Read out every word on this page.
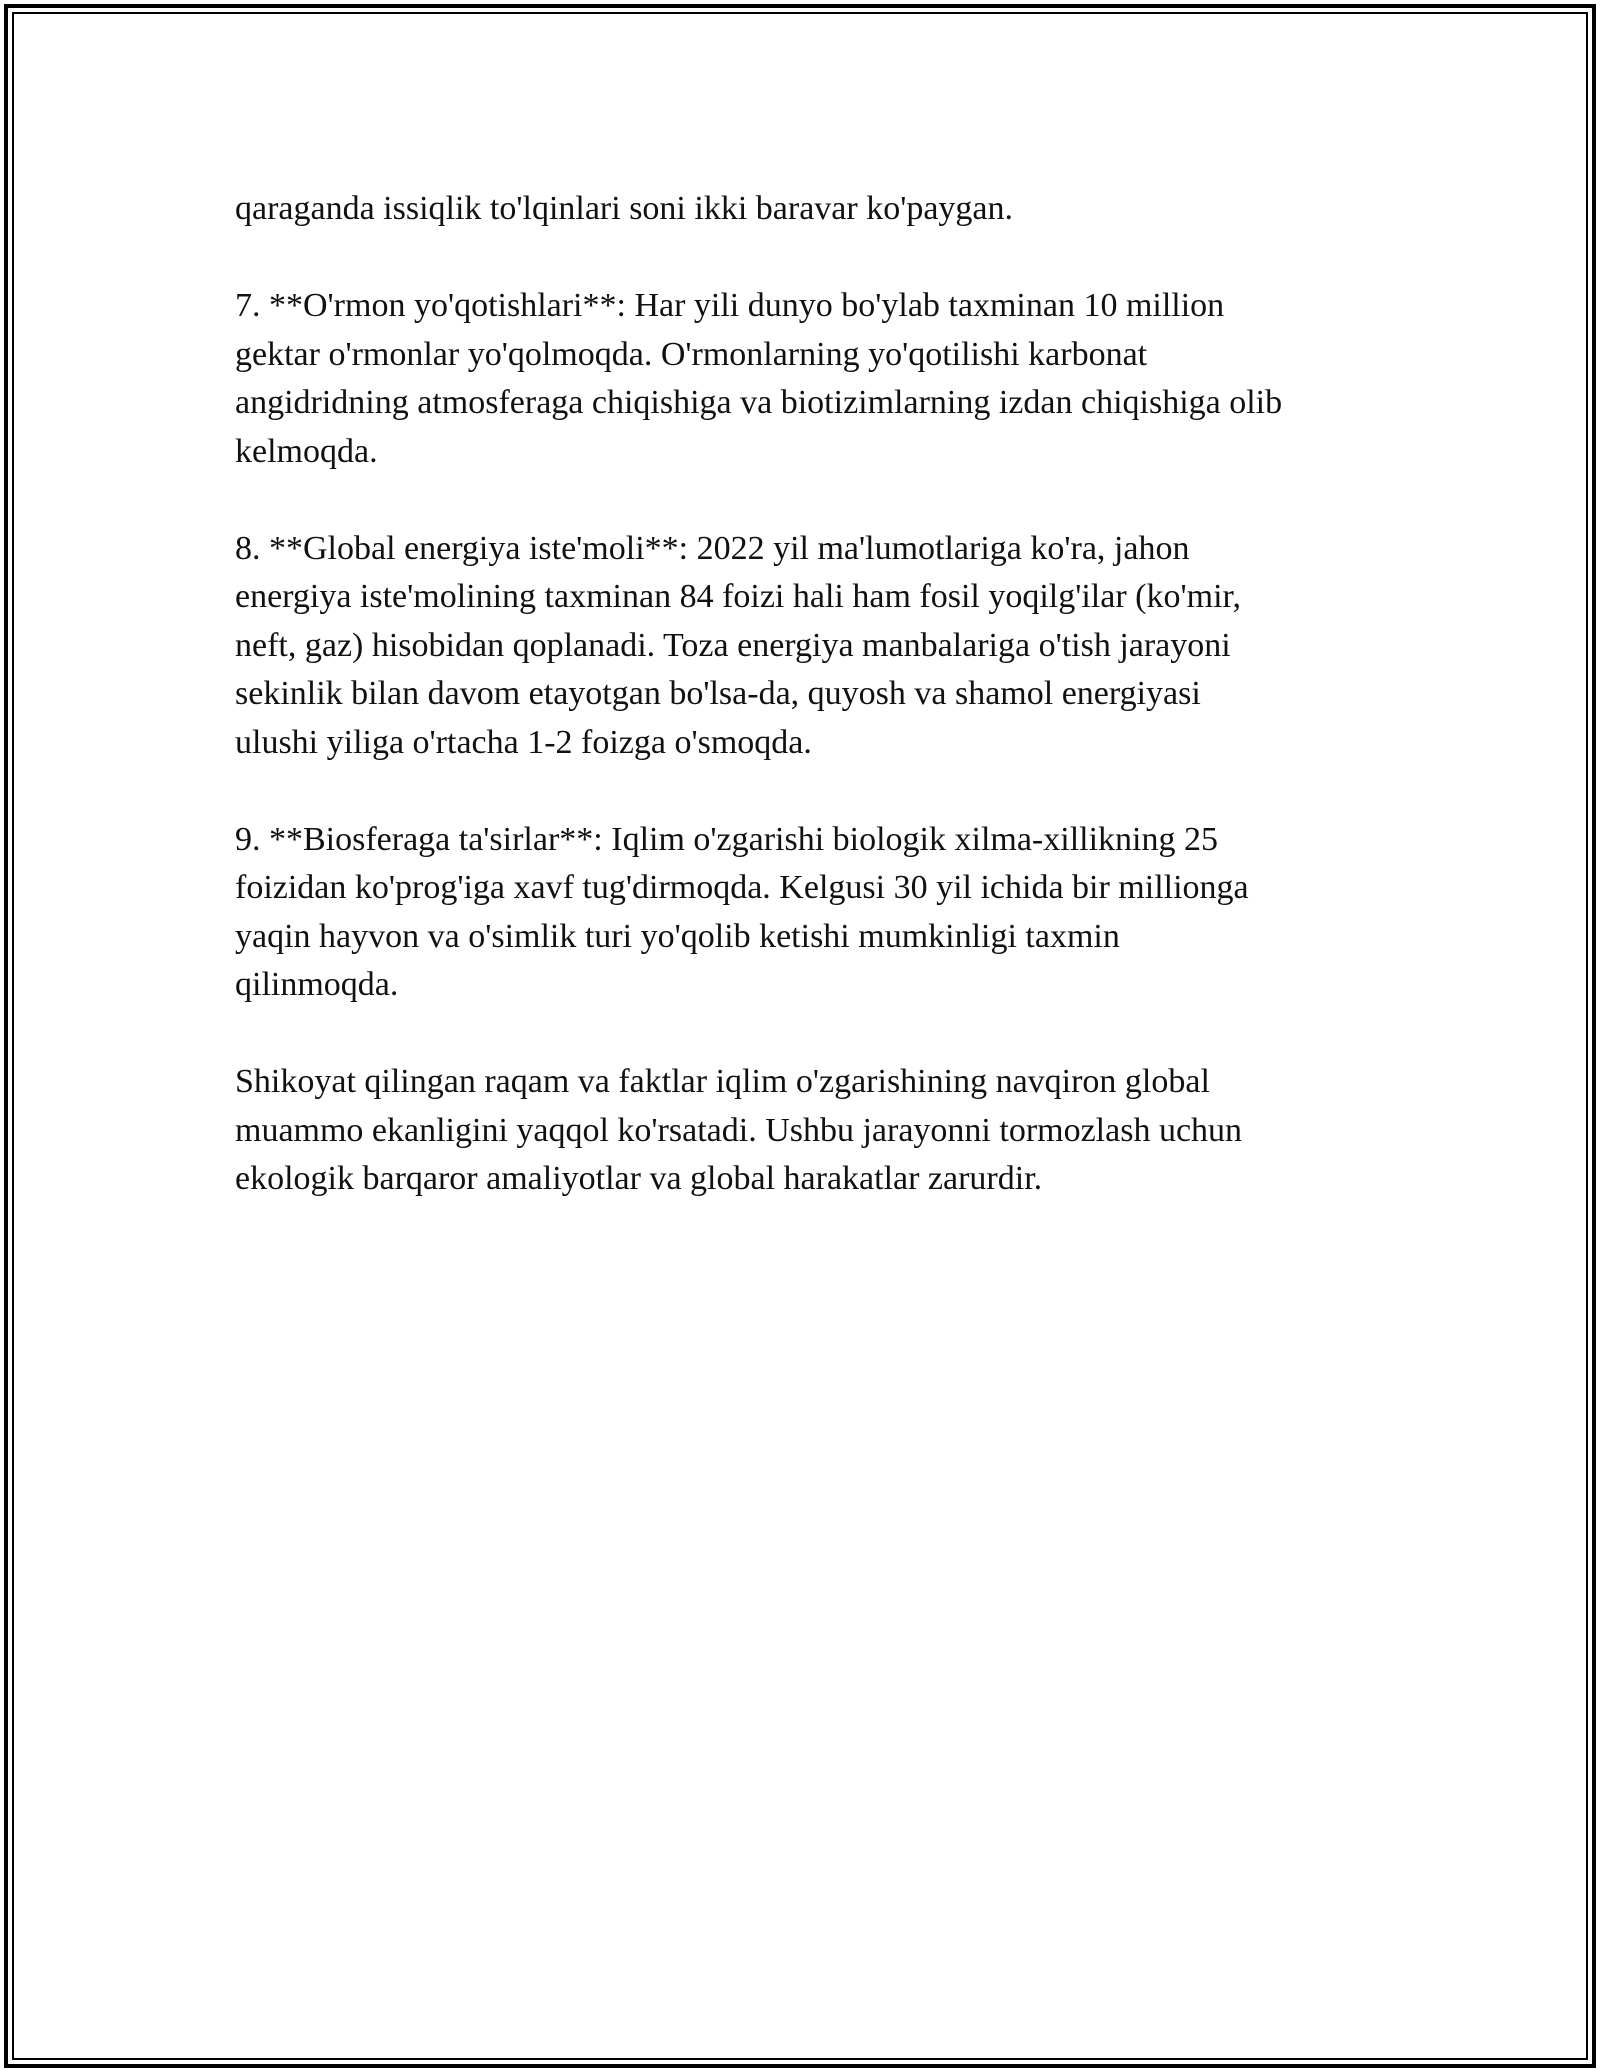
qaraganda issiqlik to'lqinlari soni ikki baravar ko'paygan.

7. **O'rmon yo'qotishlari**: Har yili dunyo bo'ylab taxminan 10 million
gektar o'rmonlar yo'qolmoqda. O'rmonlarning yo'qotilishi karbonat
angidridning atmosferaga chiqishiga va biotizimlarning izdan chiqishiga olib
kelmoqda.

8. **Global energiya iste'moli**: 2022 yil ma'lumotlariga ko'ra, jahon
energiya iste'molining taxminan 84 foizi hali ham fosil yoqilg'ilar (ko'mir,
neft, gaz) hisobidan qoplanadi. Toza energiya manbalariga o'tish jarayoni
sekinlik bilan davom etayotgan bo'lsa-da, quyosh va shamol energiyasi
ulushi yiliga o'rtacha 1-2 foizga o'smoqda.

9. **Biosferaga ta'sirlar**: Iqlim o'zgarishi biologik xilma-xillikning 25
foizidan ko'prog'iga xavf tug'dirmoqda. Kelgusi 30 yil ichida bir millionga
yaqin hayvon va o'simlik turi yo'qolib ketishi mumkinligi taxmin
qilinmoqda.

Shikoyat qilingan raqam va faktlar iqlim o'zgarishining navqiron global
muammo ekanligini yaqqol ko'rsatadi. Ushbu jarayonni tormozlash uchun
ekologik barqaror amaliyotlar va global harakatlar zarurdir.
